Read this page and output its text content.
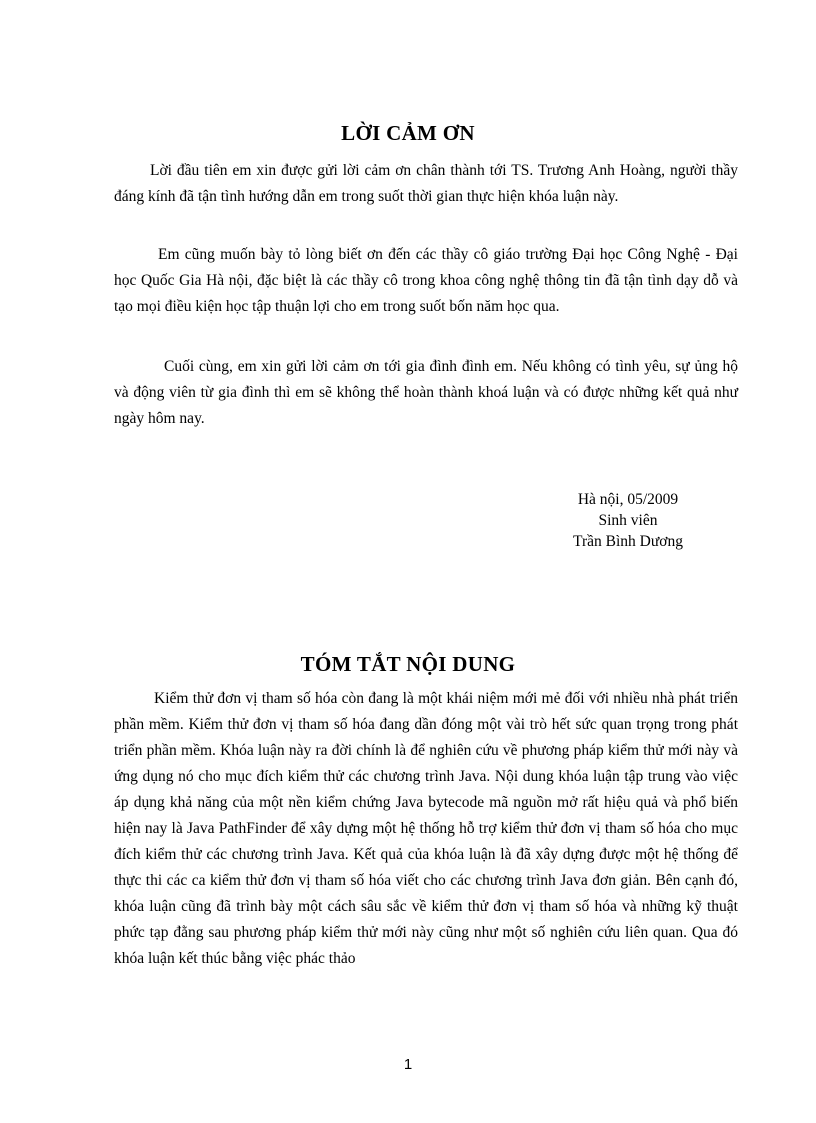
LỜI CẢM ƠN

Lời đầu tiên em xin được gửi lời cảm ơn chân thành tới TS. Trương Anh Hoàng, người thầy đáng kính đã tận tình hướng dẫn em trong suốt thời gian thực hiện khóa luận này.

Em cũng muốn bày tỏ lòng biết ơn đến các thầy cô giáo trường Đại học Công Nghệ - Đại học Quốc Gia Hà nội, đặc biệt là các thầy cô trong khoa công nghệ thông tin đã tận tình dạy dỗ và tạo mọi điều kiện học tập thuận lợi cho em trong suốt bốn năm học qua.

Cuối cùng, em xin gửi lời cảm ơn tới gia đình đình em. Nếu không có tình yêu, sự ủng hộ và động viên từ gia đình thì em sẽ không thể hoàn thành khoá luận và có được những kết quả như ngày hôm nay.

Hà nội, 05/2009
Sinh viên
Trần Bình Dương
TÓM TẮT NỘI DUNG

Kiểm thử đơn vị tham số hóa còn đang là một khái niệm mới mẻ đối với nhiều nhà phát triển phần mềm. Kiểm thử đơn vị tham số hóa đang dần đóng một vài trò hết sức quan trọng trong phát triển phần mềm. Khóa luận này ra đời chính là để nghiên cứu về phương pháp kiểm thử mới này và ứng dụng nó cho mục đích kiểm thử các chương trình Java. Nội dung khóa luận tập trung vào việc áp dụng khả năng của một nền kiểm chứng Java bytecode mã nguồn mở rất hiệu quả và phổ biến hiện nay là Java PathFinder để xây dựng một hệ thống hỗ trợ kiểm thử đơn vị tham số hóa cho mục đích kiểm thử các chương trình Java. Kết quả của khóa luận là đã xây dựng được một hệ thống để thực thi các ca kiểm thử đơn vị tham số hóa viết cho các chương trình Java đơn giản. Bên cạnh đó, khóa luận cũng đã trình bày một cách sâu sắc về kiểm thử đơn vị tham số hóa và những kỹ thuật phức tạp đằng sau phương pháp kiểm thử mới này cũng như một số nghiên cứu liên quan. Qua đó khóa luận kết thúc bằng việc phác thảo

1
